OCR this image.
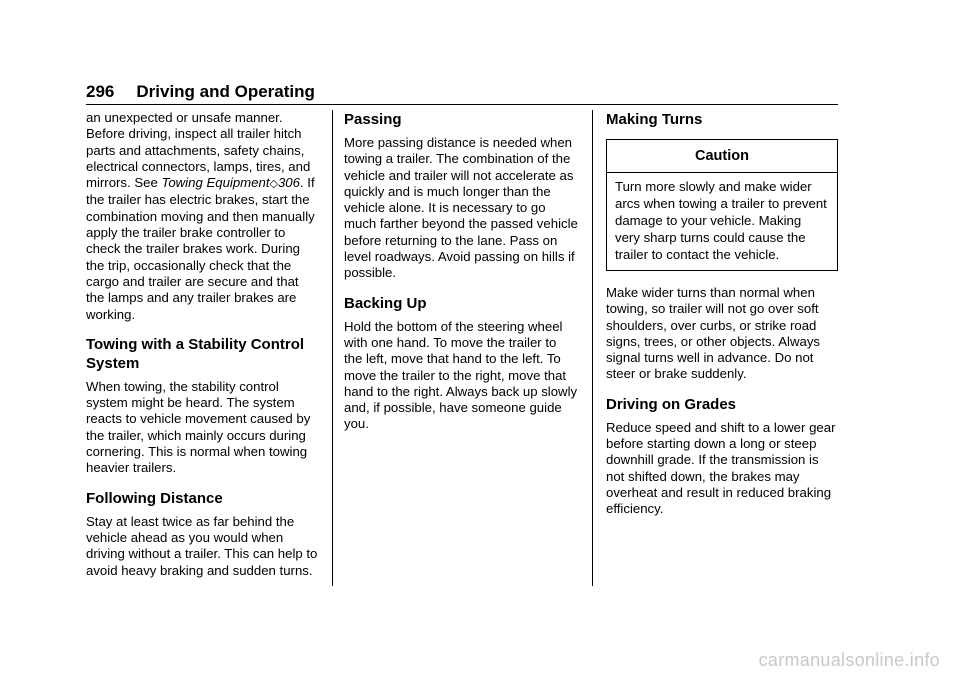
296 Driving and Operating

an unexpected or unsafe manner. Before driving, inspect all trailer hitch parts and attachments, safety chains, electrical connectors, lamps, tires, and mirrors. See Towing Equipment◇306. If the trailer has electric brakes, start the combination moving and then manually apply the trailer brake controller to check the trailer brakes work. During the trip, occasionally check that the cargo and trailer are secure and that the lamps and any trailer brakes are working.

Towing with a Stability Control System

When towing, the stability control system might be heard. The system reacts to vehicle movement caused by the trailer, which mainly occurs during cornering. This is normal when towing heavier trailers.

Following Distance

Stay at least twice as far behind the vehicle ahead as you would when driving without a trailer. This can help to avoid heavy braking and sudden turns.

Passing

More passing distance is needed when towing a trailer. The combination of the vehicle and trailer will not accelerate as quickly and is much longer than the vehicle alone. It is necessary to go much farther beyond the passed vehicle before returning to the lane. Pass on level roadways. Avoid passing on hills if possible.

Backing Up

Hold the bottom of the steering wheel with one hand. To move the trailer to the left, move that hand to the left. To move the trailer to the right, move that hand to the right. Always back up slowly and, if possible, have someone guide you.

Making Turns
Caution
Turn more slowly and make wider arcs when towing a trailer to prevent damage to your vehicle. Making very sharp turns could cause the trailer to contact the vehicle.

Make wider turns than normal when towing, so trailer will not go over soft shoulders, over curbs, or strike road signs, trees, or other objects. Always signal turns well in advance. Do not steer or brake suddenly.

Driving on Grades

Reduce speed and shift to a lower gear before starting down a long or steep downhill grade. If the transmission is not shifted down, the brakes may overheat and result in reduced braking efficiency.

carmanualsonline.info
